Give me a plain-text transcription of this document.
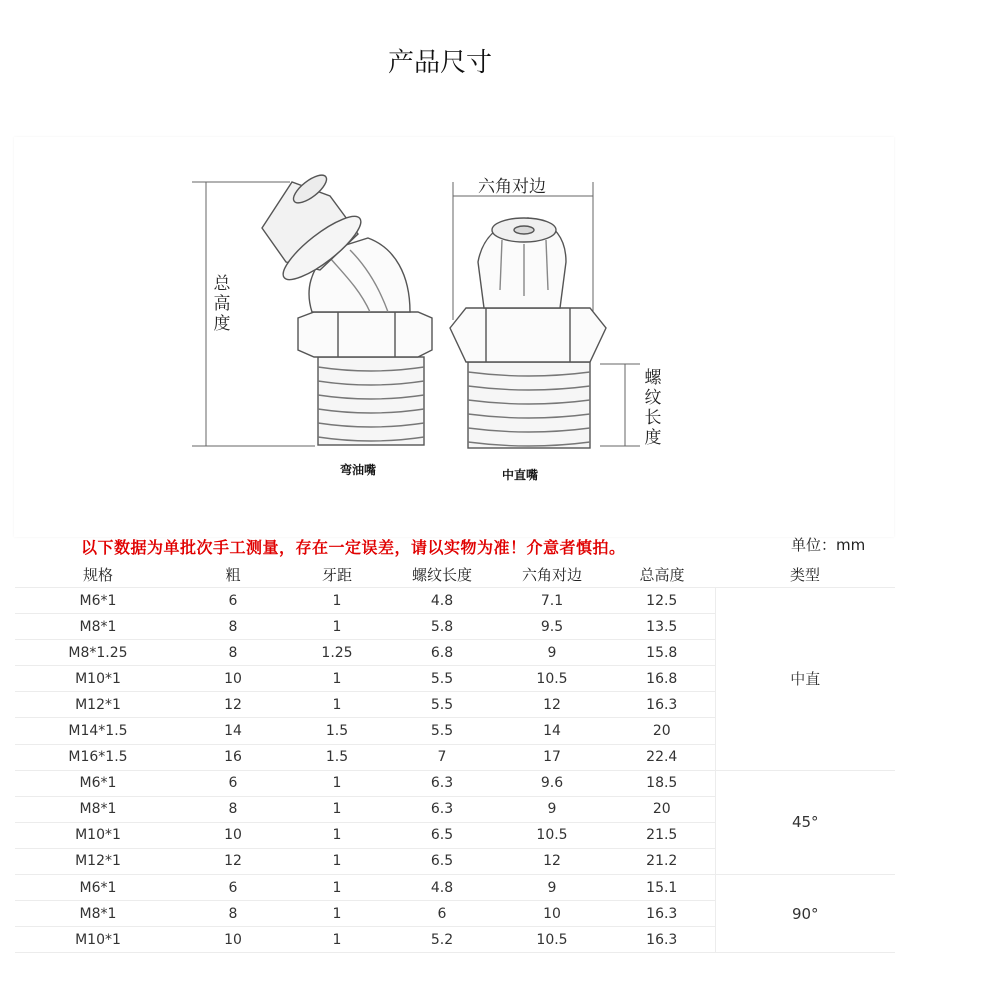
产品尺寸
总
高
度
六角对边
螺
纹
长
度
弯油嘴	中直嘴
以下数据为单批次手工测量，存在一定误差，请以实物为准！介意者慎拍。	单位：mm
规格	粗	牙距	螺纹长度	六角对边	总高度	类型
M6*1	6	1	4.8	7.1	12.5	中直
M8*1	8	1	5.8	9.5	13.5	
M8*1.25	8	1.25	6.8	9	15.8	
M10*1	10	1	5.5	10.5	16.8	
M12*1	12	1	5.5	12	16.3	
M14*1.5	14	1.5	5.5	14	20	
M16*1.5	16	1.5	7	17	22.4	
M6*1	6	1	6.3	9.6	18.5	45°
M8*1	8	1	6.3	9	20	
M10*1	10	1	6.5	10.5	21.5	
M12*1	12	1	6.5	12	21.2	
M6*1	6	1	4.8	9	15.1	90°
M8*1	8	1	6	10	16.3	
M10*1	10	1	5.2	10.5	16.3	
